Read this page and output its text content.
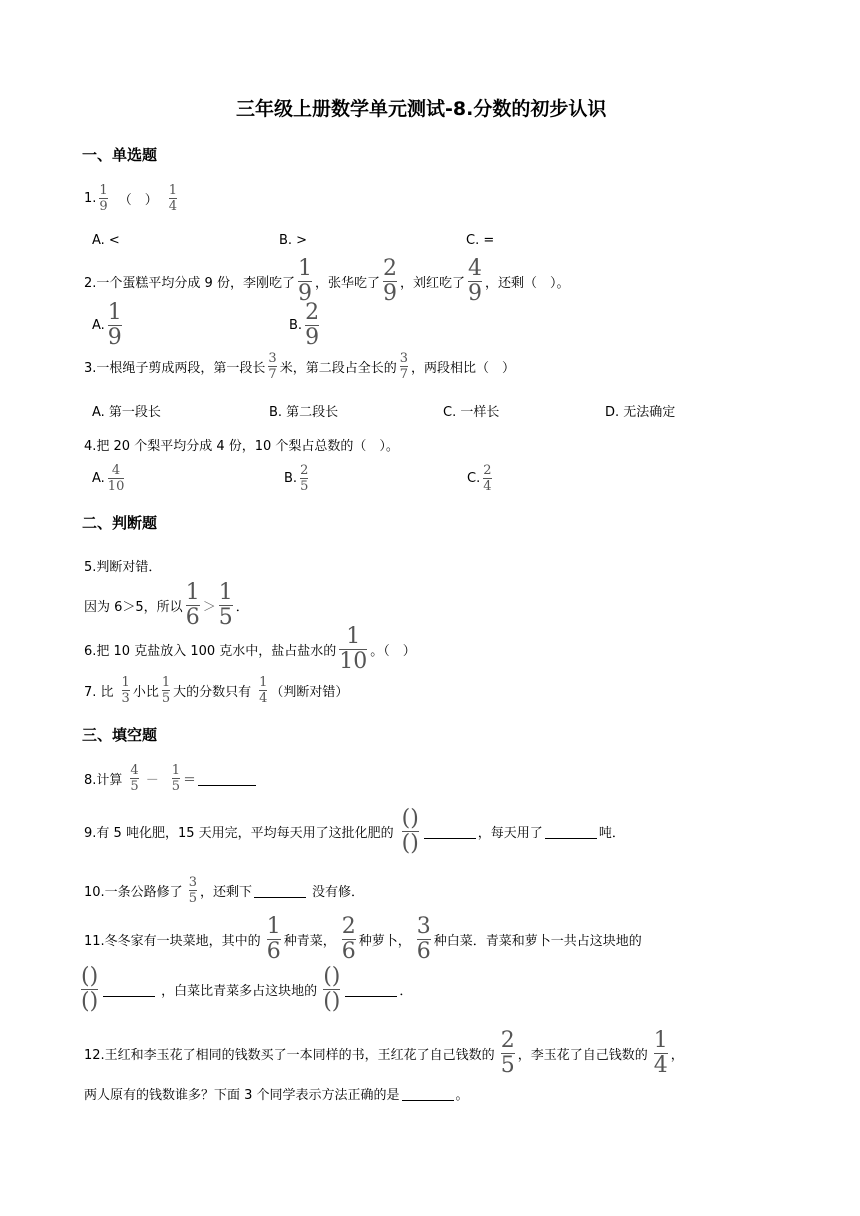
三年级上册数学单元测试-8.分数的初步认识
一、单选题
1. $\frac{1}{9}$ （　） $\frac{1}{4}$
A. <	B. >	C. =
2.一个蛋糕平均分成 9 份，李刚吃了 $\frac{1}{9}$ ，张华吃了 $\frac{2}{9}$ ，刘红吃了 $\frac{4}{9}$ ，还剩（　）。
A. $\frac{1}{9}$	B. $\frac{2}{9}$
3.一根绳子剪成两段，第一段长 $\frac{3}{7}$ 米，第二段占全长的 $\frac{3}{7}$ ，两段相比（　）
A. 第一段长	B. 第二段长	C. 一样长	D. 无法确定
4.把 20 个梨平均分成 4 份，10 个梨占总数的（　）。
A. $\frac{4}{10}$	B. $\frac{2}{5}$	C. $\frac{2}{4}$
二、判断题
5.判断对错．
因为 6＞5，所以 $\frac{1}{6} > \frac{1}{5}$ ．
6.把 10 克盐放入 100 克水中，盐占盐水的 $\frac{1}{10}$ 。（　）
7. 比 $\frac{1}{3}$ 小比 $\frac{1}{5}$ 大的分数只有 $\frac{1}{4}$ （判断对错）
三、填空题
8.计算 $\frac{4}{5} - \frac{1}{5}$ ＝
9.有 5 吨化肥，15 天用完，平均每天用了这批化肥的 $\frac{()}{()}$	，每天用了	吨．
10.一条公路修了 $\frac{3}{5}$ ，还剩下	没有修．
11.冬冬家有一块菜地，其中的 $\frac{1}{6}$ 种青菜， $\frac{2}{6}$ 种萝卜， $\frac{3}{6}$ 种白菜．青菜和萝卜一共占这块地的
$\frac{()}{()}$	，白菜比青菜多占这块地的 $\frac{()}{()}$	．
12.王红和李玉花了相同的钱数买了一本同样的书，王红花了自己钱数的 $\frac{2}{5}$ ，李玉花了自己钱数的 $\frac{1}{4}$ ，
两人原有的钱数谁多？下面 3 个同学表示方法正确的是	。
